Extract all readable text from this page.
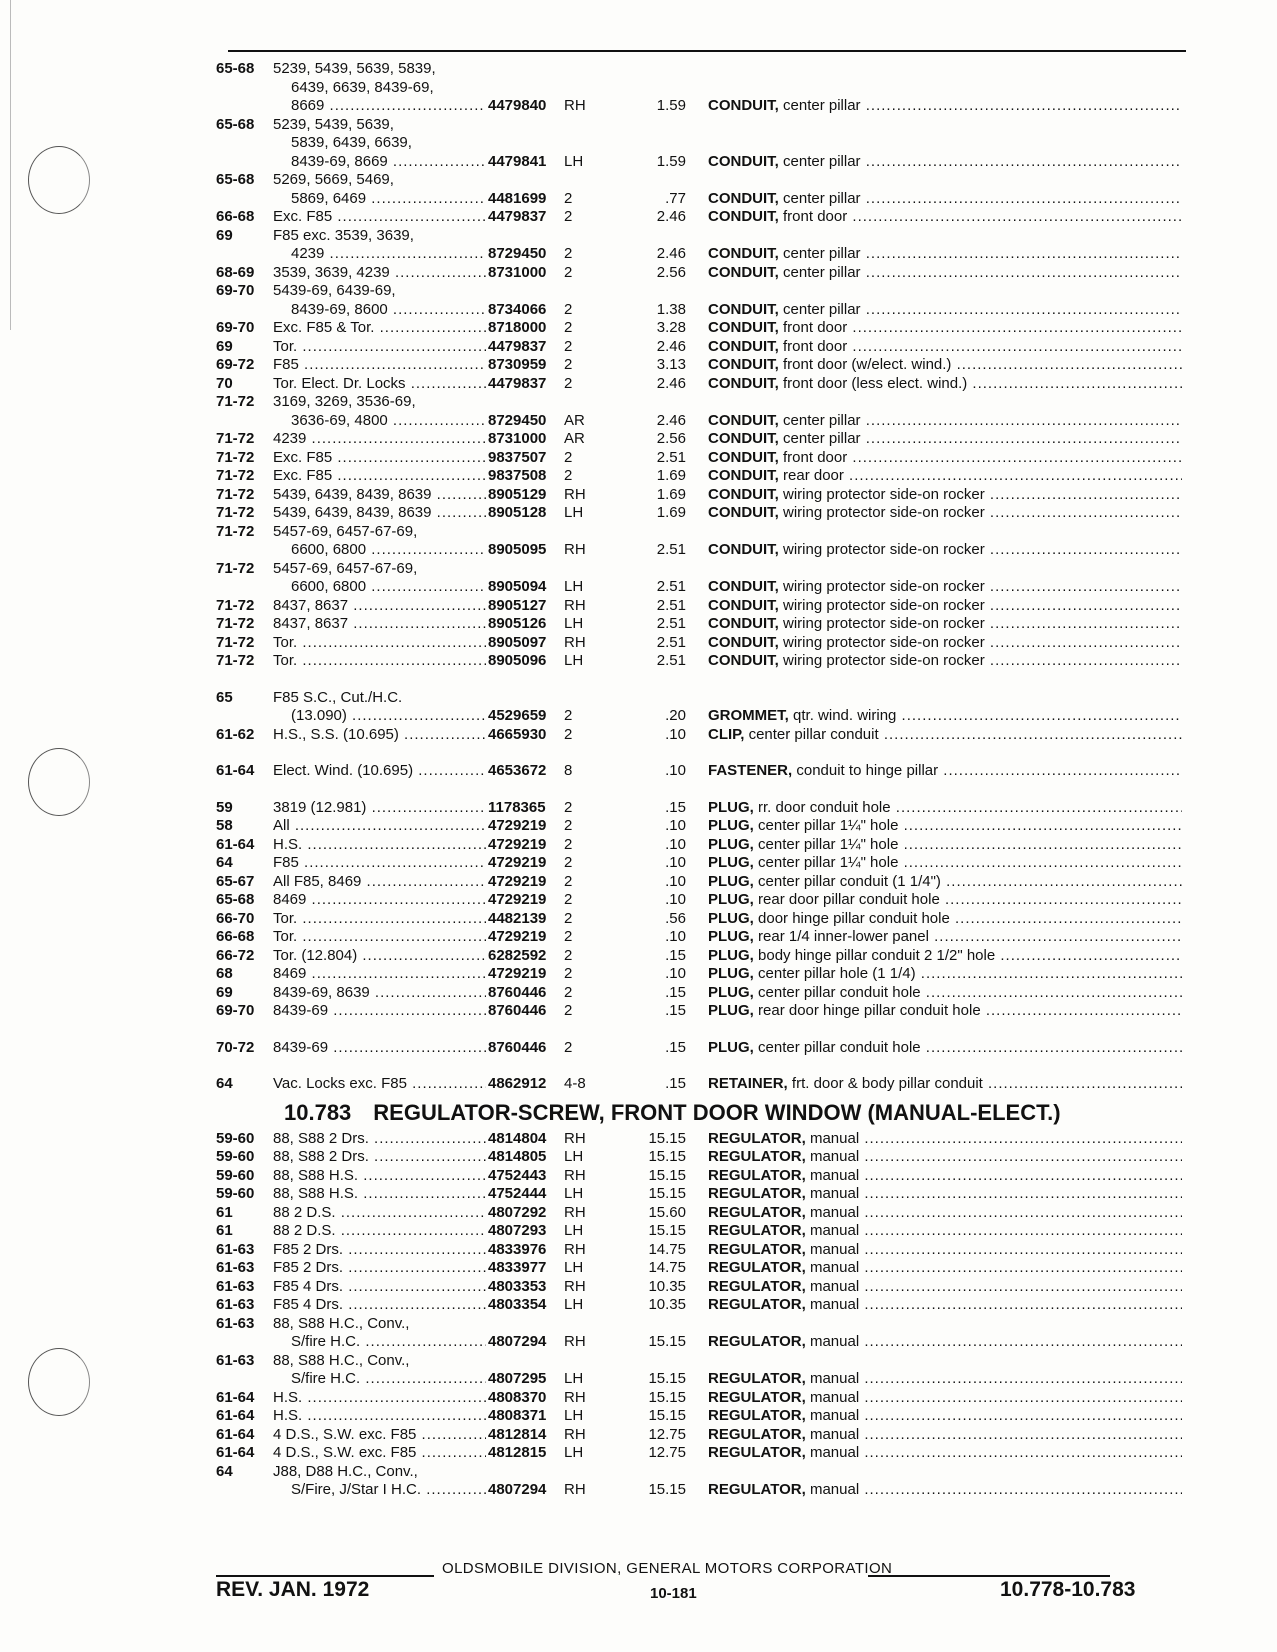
65-68 5239, 5439, 5639, 5839,
6439, 6639, 8439-69,
8669 .....	4479840 RH	1.59 CONDUIT, center pillar .....
65-68 5239, 5439, 5639,
5839, 6439, 6639,
8439-69, 8669 .....	4479841 LH	1.59 CONDUIT, center pillar .....
65-68 5269, 5669, 5469,
5869, 6469 .....	4481699 2	.77 CONDUIT, center pillar .....
66-68 Exc. F85 .....	4479837 2	2.46 CONDUIT, front door .....
69	F85 exc. 3539, 3639,
4239 .....	8729450 2	2.46 CONDUIT, center pillar .....
68-69 3539, 3639, 4239 .....	8731000 2	2.56 CONDUIT, center pillar .....
69-70 5439-69, 6439-69,
8439-69, 8600 .....	8734066 2	1.38 CONDUIT, center pillar .....
69-70 Exc. F85 & Tor. .....	8718000 2	3.28 CONDUIT, front door .....
69	Tor. .....	4479837 2	2.46 CONDUIT, front door .....
69-72 F85 .....	8730959 2	3.13 CONDUIT, front door (w/elect. wind.) .....
70	Tor. Elect. Dr. Locks .....	4479837 2	2.46 CONDUIT, front door (less elect. wind.) .....
71-72 3169, 3269, 3536-69,
3636-69, 4800 .....	8729450 AR	2.46 CONDUIT, center pillar .....
71-72 4239 .....	8731000 AR	2.56 CONDUIT, center pillar .....
71-72 Exc. F85 .....	9837507 2	2.51 CONDUIT, front door .....
71-72 Exc. F85 .....	9837508 2	1.69 CONDUIT, rear door .....
71-72 5439, 6439, 8439, 8639 .....	8905129 RH	1.69 CONDUIT, wiring protector side-on rocker .....
71-72 5439, 6439, 8439, 8639 .....	8905128 LH	1.69 CONDUIT, wiring protector side-on rocker .....
71-72 5457-69, 6457-67-69,
6600, 6800 .....	8905095 RH	2.51 CONDUIT, wiring protector side-on rocker .....
71-72 5457-69, 6457-67-69,
6600, 6800 .....	8905094 LH	2.51 CONDUIT, wiring protector side-on rocker .....
71-72 8437, 8637 .....	8905127 RH	2.51 CONDUIT, wiring protector side-on rocker .....
71-72 8437, 8637 .....	8905126 LH	2.51 CONDUIT, wiring protector side-on rocker .....
71-72 Tor. .....	8905097 RH	2.51 CONDUIT, wiring protector side-on rocker .....
71-72 Tor. .....	8905096 LH	2.51 CONDUIT, wiring protector side-on rocker .....
65	F85 S.C., Cut./H.C.
(13.090) .....	4529659 2	.20 GROMMET, qtr. wind. wiring .....
61-62 H.S., S.S. (10.695) .....	4665930 2	.10 CLIP, center pillar conduit .....
61-64 Elect. Wind. (10.695) .....	4653672 8	.10 FASTENER, conduit to hinge pillar .....
59	3819 (12.981) .....	1178365 2	.15 PLUG, rr. door conduit hole .....
58	All .....	4729219 2	.10 PLUG, center pillar 1¼" hole .....
61-64 H.S. .....	4729219 2	.10 PLUG, center pillar 1¼" hole .....
64	F85 .....	4729219 2	.10 PLUG, center pillar 1¼" hole .....
65-67 All F85, 8469 .....	4729219 2	.10 PLUG, center pillar conduit (1 1/4") .....
65-68 8469 .....	4729219 2	.10 PLUG, rear door pillar conduit hole .....
66-70 Tor. .....	4482139 2	.56 PLUG, door hinge pillar conduit hole .....
66-68 Tor. .....	4729219 2	.10 PLUG, rear 1/4 inner-lower panel .....
66-72 Tor. (12.804) .....	6282592 2	.15 PLUG, body hinge pillar conduit 2 1/2" hole .....
68	8469 .....	4729219 2	.10 PLUG, center pillar hole (1 1/4) .....
69	8439-69, 8639 .....	8760446 2	.15 PLUG, center pillar conduit hole .....
69-70 8439-69 .....	8760446 2	.15 PLUG, rear door hinge pillar conduit hole .....
70-72 8439-69 .....	8760446 2	.15 PLUG, center pillar conduit hole .....
64	Vac. Locks exc. F85 .....	4862912 4-8	.15 RETAINER, frt. door & body pillar conduit .....
10.783 REGULATOR-SCREW, FRONT DOOR WINDOW (MANUAL-ELECT.)
59-60 88, S88 2 Drs. .....	4814804 RH	15.15 REGULATOR, manual .....
59-60 88, S88 2 Drs. .....	4814805 LH	15.15 REGULATOR, manual .....
59-60 88, S88 H.S. .....	4752443 RH	15.15 REGULATOR, manual .....
59-60 88, S88 H.S. .....	4752444 LH	15.15 REGULATOR, manual .....
61	88 2 D.S. .....	4807292 RH	15.60 REGULATOR, manual .....
61	88 2 D.S. .....	4807293 LH	15.15 REGULATOR, manual .....
61-63 F85 2 Drs. .....	4833976 RH	14.75 REGULATOR, manual .....
61-63 F85 2 Drs. .....	4833977 LH	14.75 REGULATOR, manual .....
61-63 F85 4 Drs. .....	4803353 RH	10.35 REGULATOR, manual .....
61-63 F85 4 Drs. .....	4803354 LH	10.35 REGULATOR, manual .....
61-63 88, S88 H.C., Conv.,
S/fire H.C. .....	4807294 RH	15.15 REGULATOR, manual .....
61-63 88, S88 H.C., Conv.,
S/fire H.C. .....	4807295 LH	15.15 REGULATOR, manual .....
61-64 H.S. .....	4808370 RH	15.15 REGULATOR, manual .....
61-64 H.S. .....	4808371 LH	15.15 REGULATOR, manual .....
61-64 4 D.S., S.W. exc. F85 .....	4812814 RH	12.75 REGULATOR, manual .....
61-64 4 D.S., S.W. exc. F85 .....	4812815 LH	12.75 REGULATOR, manual .....
64	J88, D88 H.C., Conv.,
S/Fire, J/Star I H.C. .....	4807294 RH	15.15 REGULATOR, manual .....
OLDSMOBILE DIVISION, GENERAL MOTORS CORPORATION
REV. JAN. 1972	10-181	10.778-10.783
